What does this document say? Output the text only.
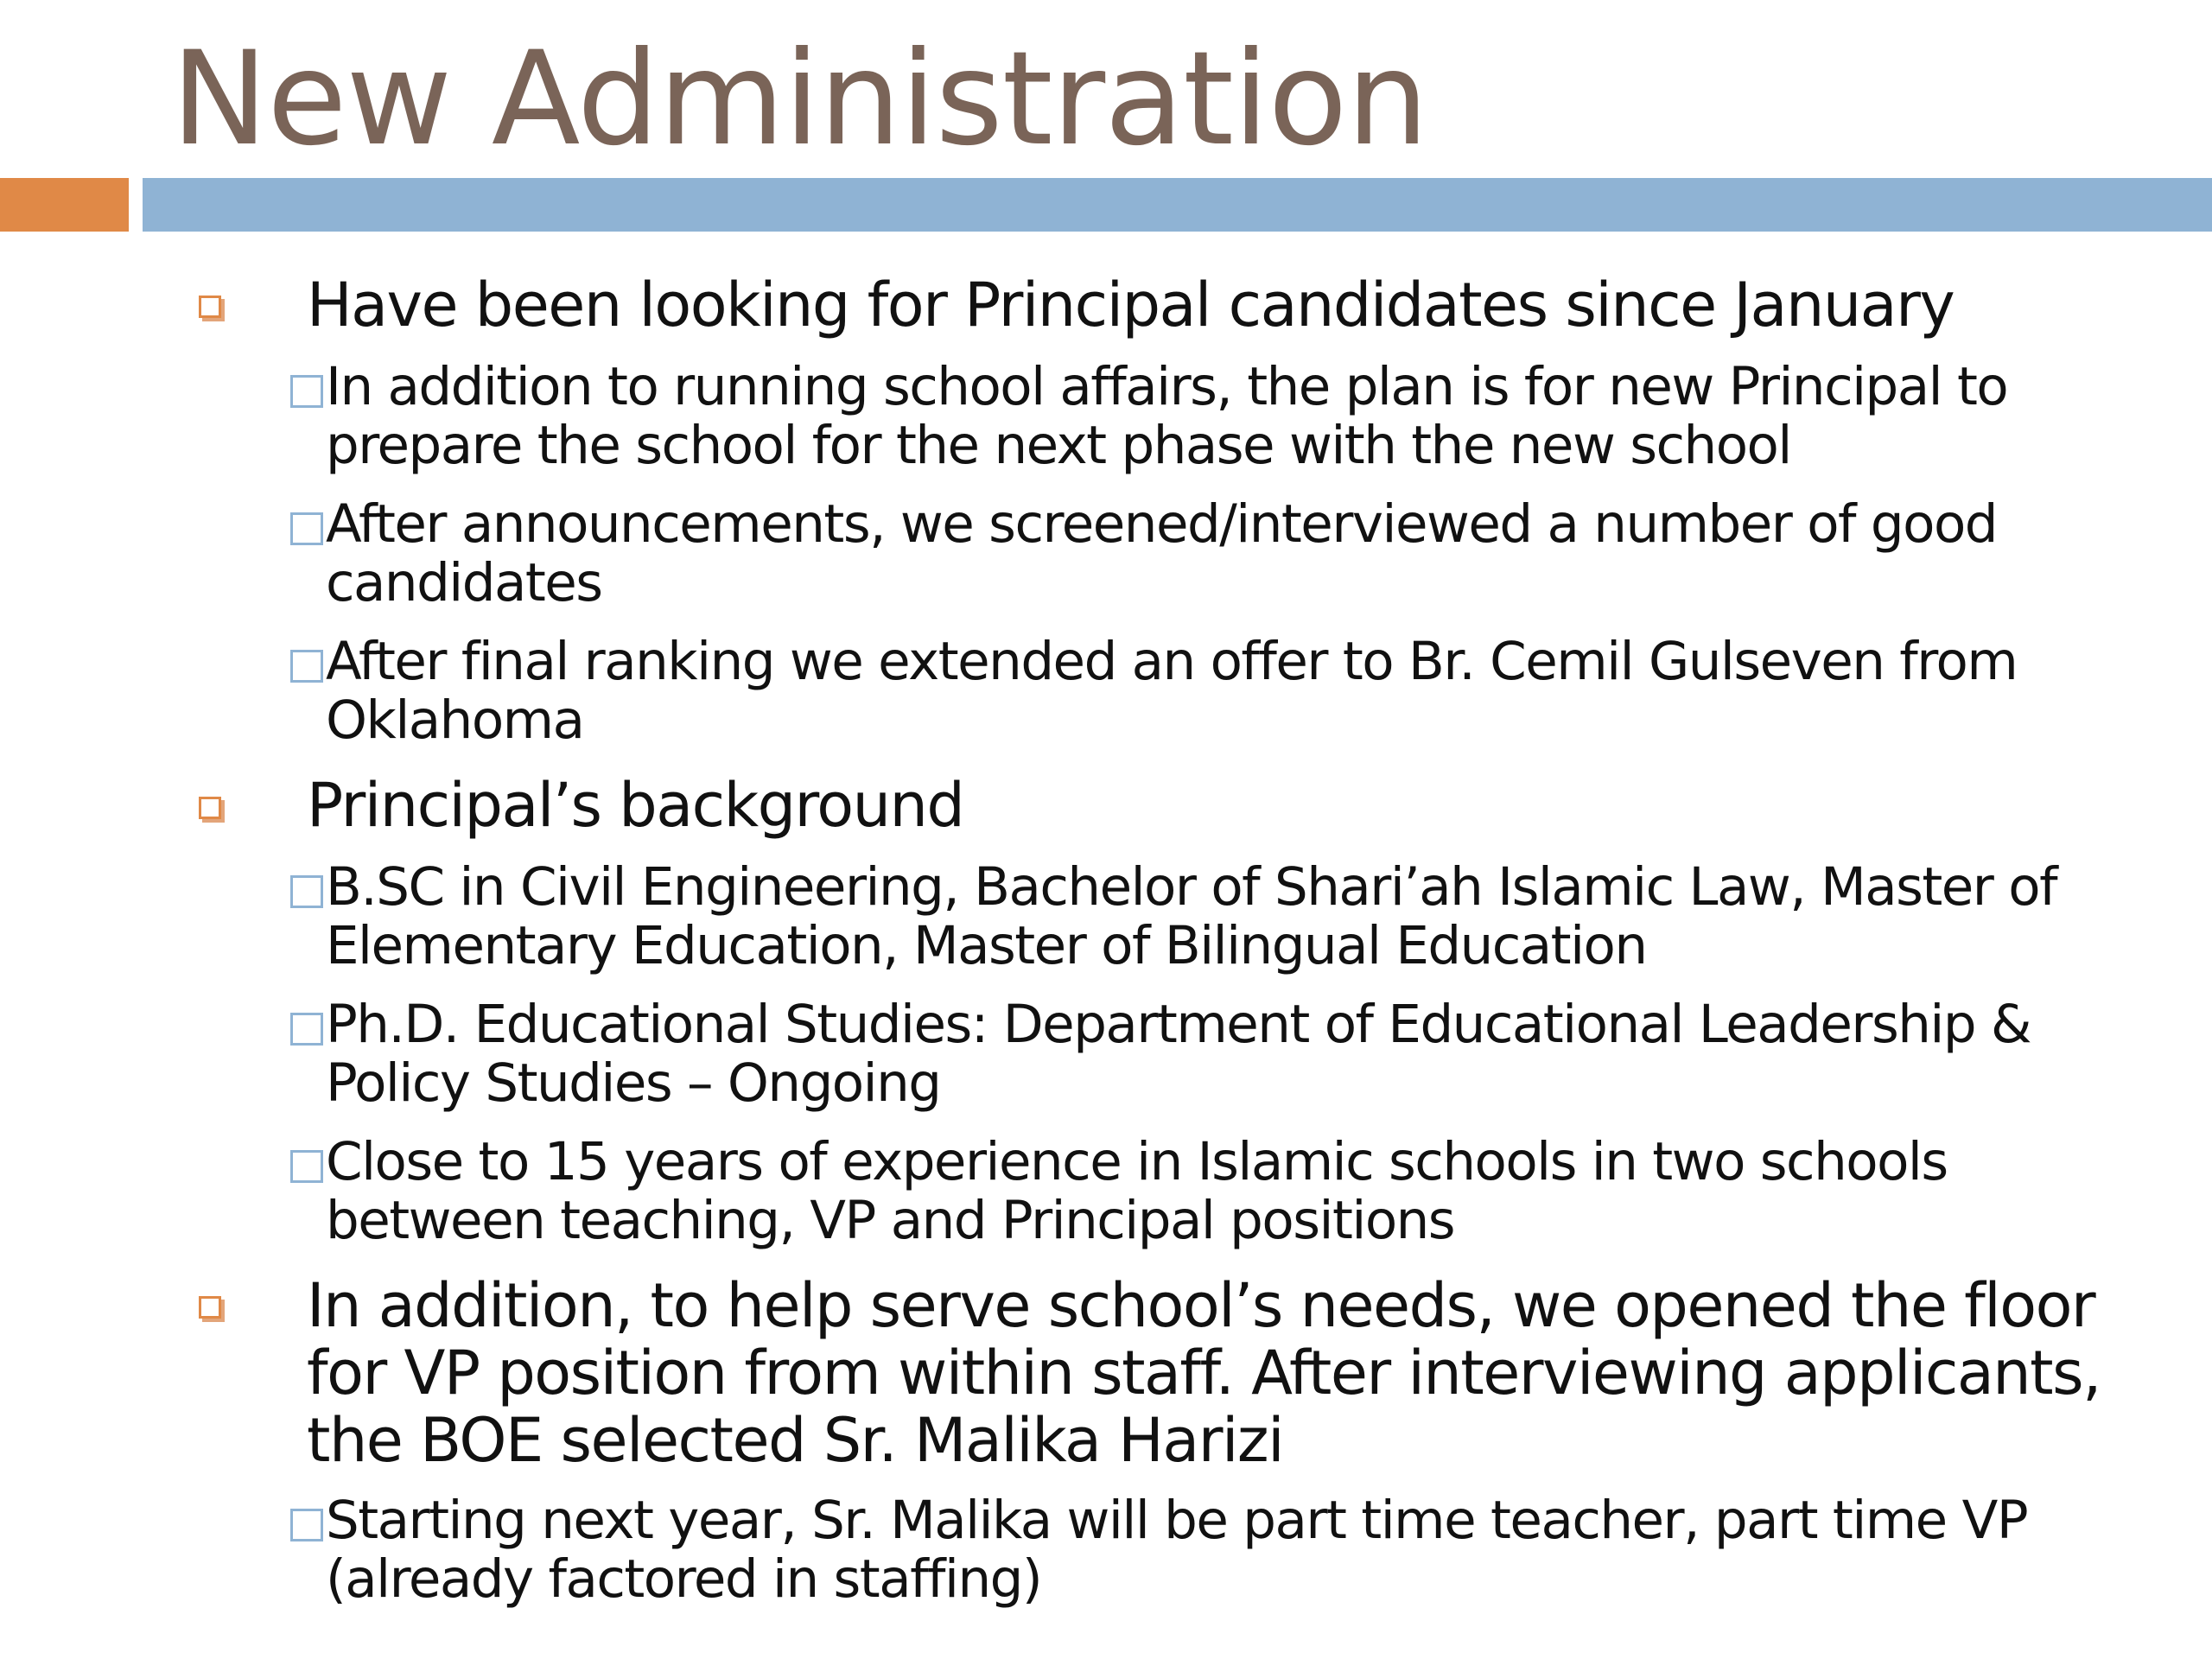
New Administration
Have been looking for Principal candidates since January
In addition to running school affairs, the plan is for new Principal to prepare the school for the next phase with the new school
After announcements, we screened/interviewed a number of good candidates
After final ranking we extended an offer to Br. Cemil Gulseven from Oklahoma
Principal’s background
B.SC in Civil Engineering, Bachelor of Shari’ah Islamic Law, Master of Elementary Education, Master of Bilingual Education
Ph.D. Educational Studies: Department of Educational Leadership & Policy Studies – Ongoing
Close to 15 years of experience in Islamic schools in two schools between teaching, VP and Principal positions
In addition, to help serve school’s needs, we opened the floor for VP position from within staff. After interviewing applicants, the BOE selected Sr. Malika Harizi
Starting next year, Sr. Malika will be part time teacher, part time VP (already factored in staffing)
